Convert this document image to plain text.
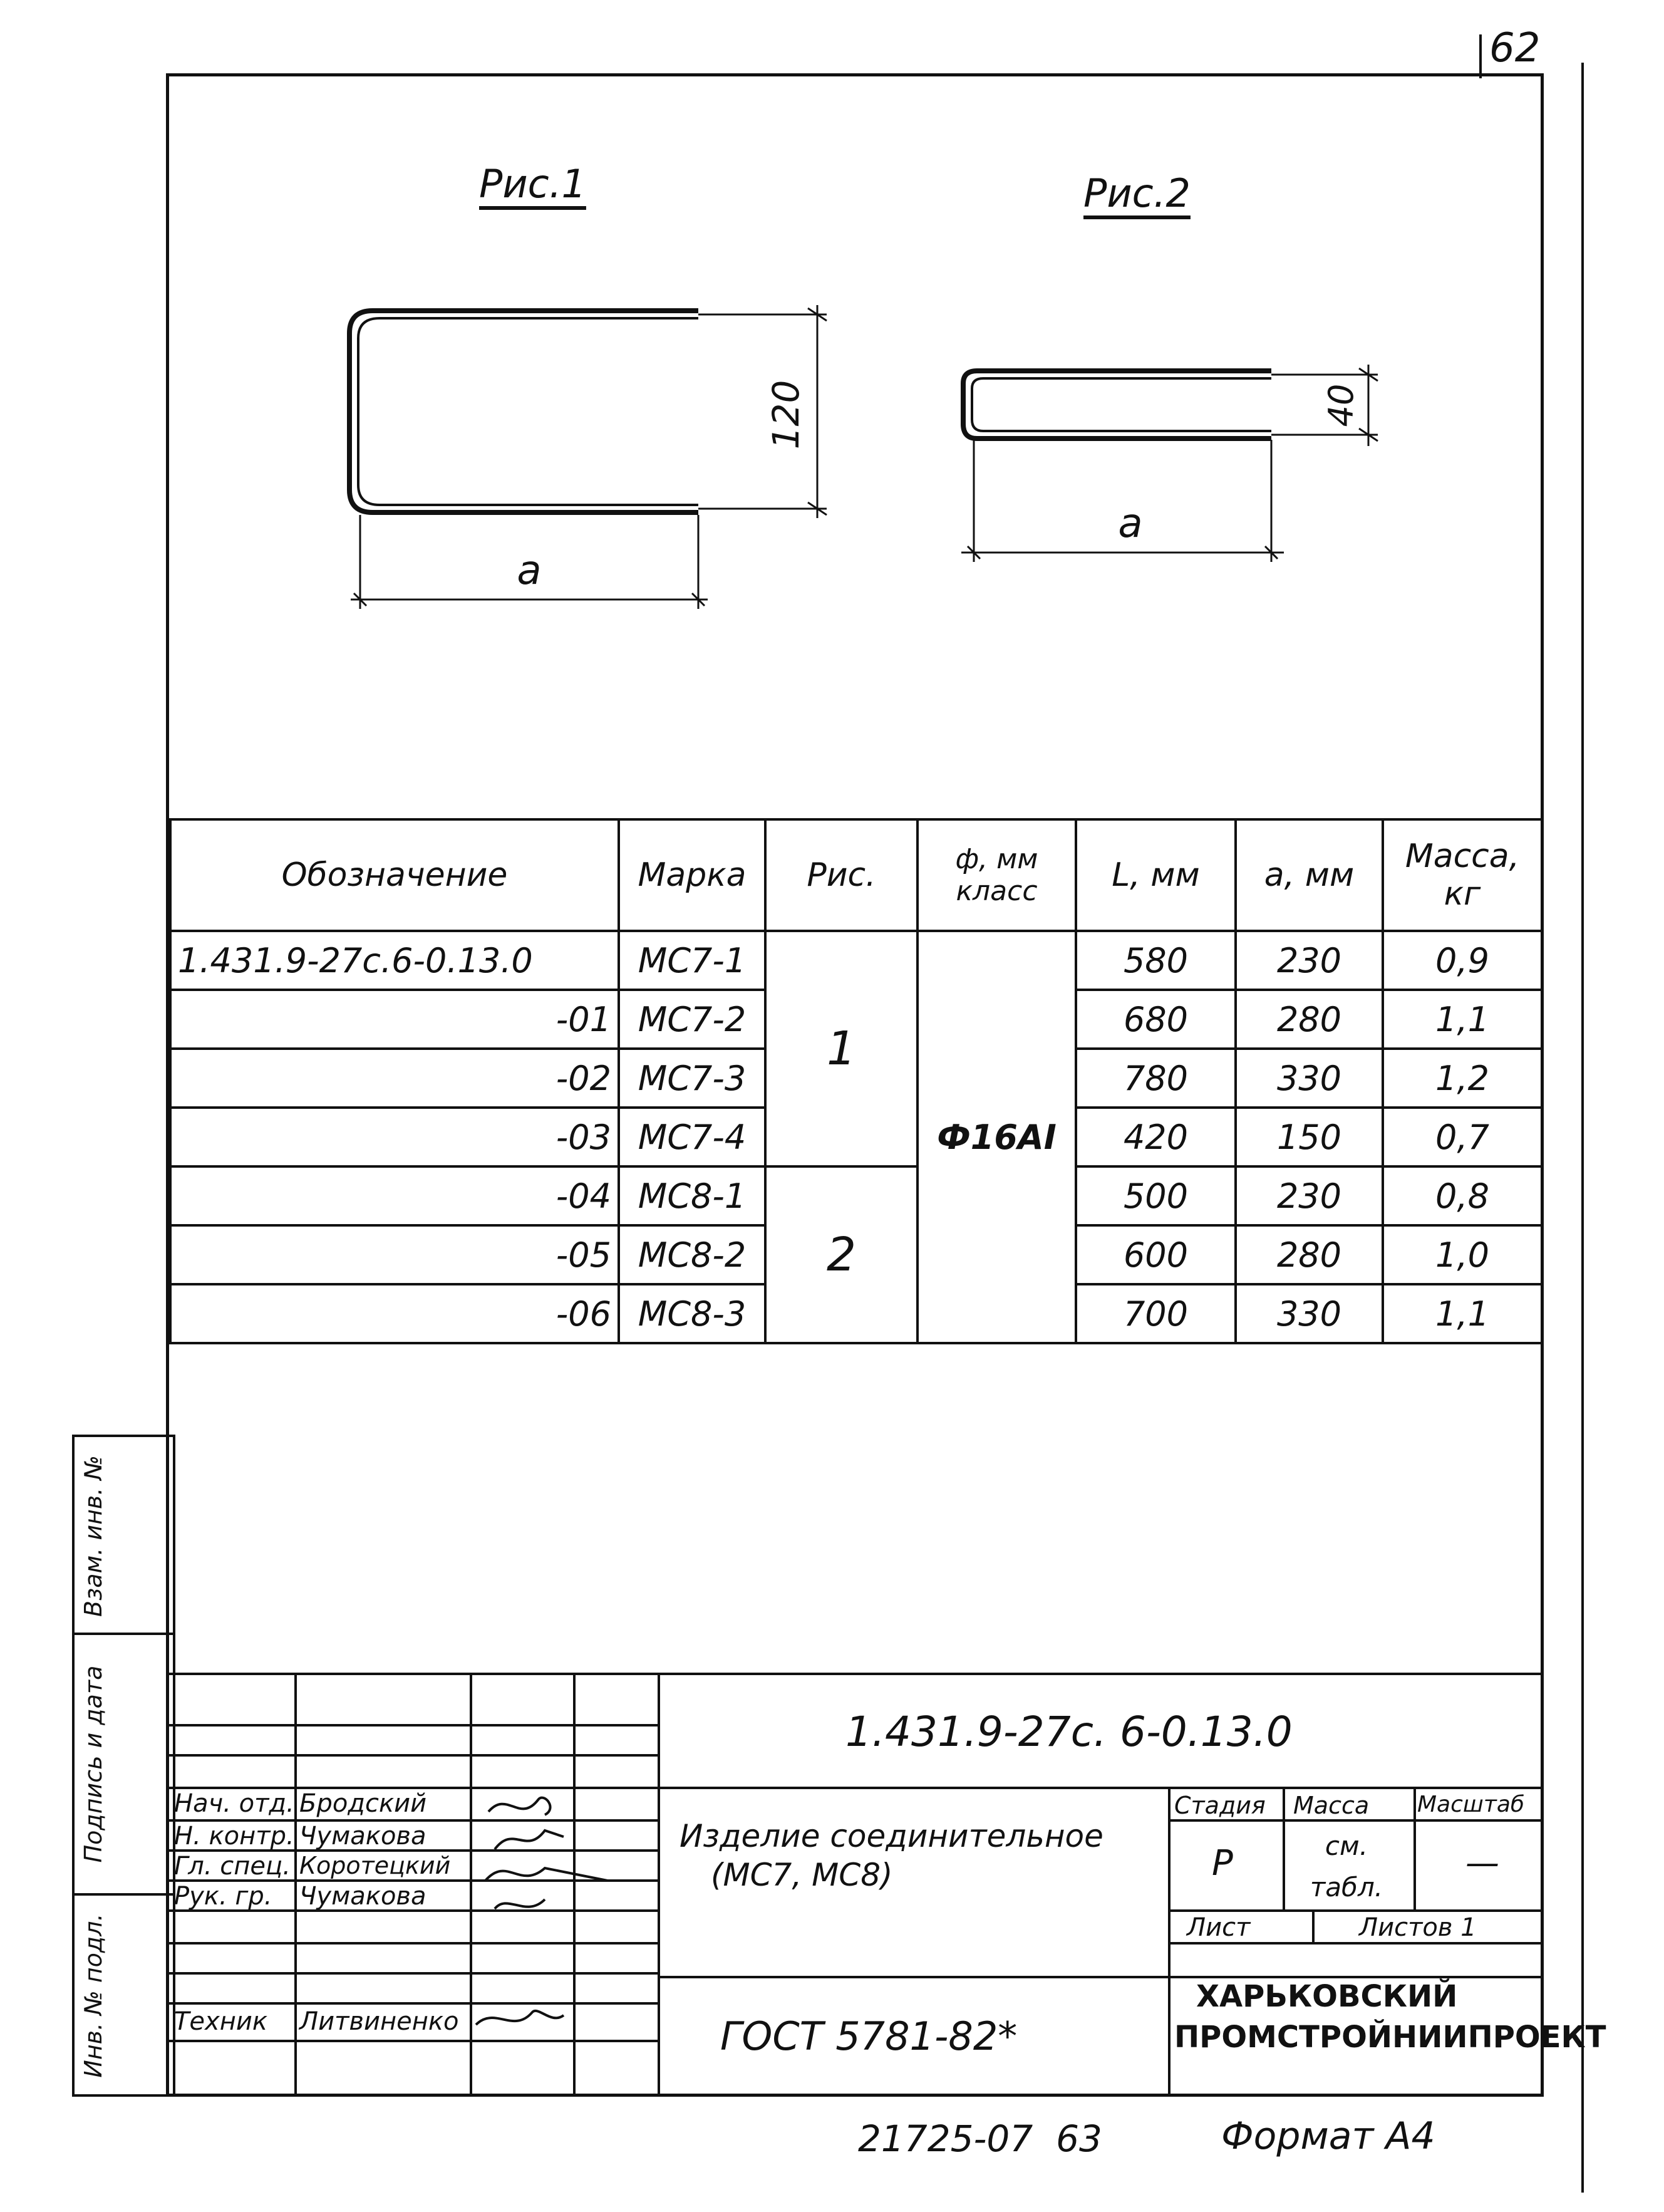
62
Рис.1	Рис.2
120
a
40
a
Обозначение	Марка	Рис.	ф, мм класс	L, мм	a, мм	Масса, кг
1.431.9-27с.6-0.13.0	МС7-1	1	Ф16АI	580	230	0,9
-01	МС7-2			680	280	1,1
-02	МС7-3			780	330	1,2
-03	МС7-4			420	150	0,7
-04	МС8-1	2		500	230	0,8
-05	МС8-2			600	280	1,0
-06	МС8-3			700	330	1,1
Взам. инв. №
Подпись и дата
Инв. № подл.
Нач. отд. Бродский
Н. контр. Чумакова
Гл. спец. Коротецкий
Рук. гр. Чумакова
Техник Литвиненко
1.431.9-27с. 6-0.13.0
Изделие соединительное
(МС7, МС8)
ГОСТ 5781-82*
Стадия Масса Масштаб
Р	см. табл.
—
Лист	Листов 1
ХАРЬКОВСКИЙ
ПРОМСТРОЙНИИПРОЕКТ
21725-07  63	Формат А4
